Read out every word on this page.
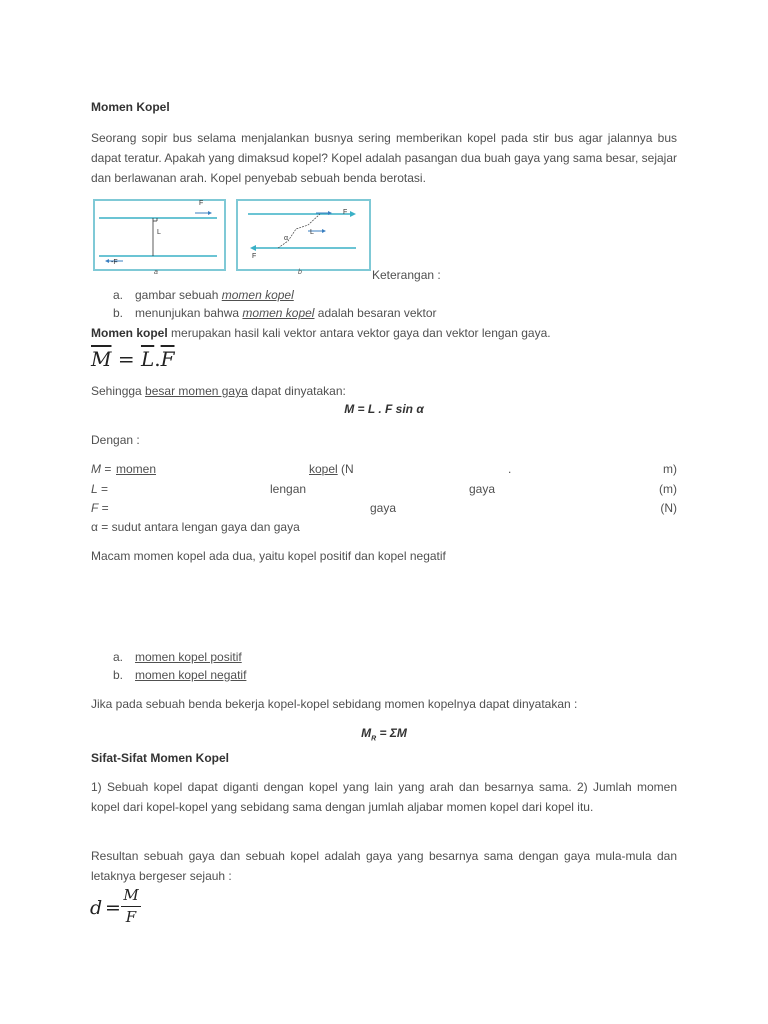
Momen Kopel
Seorang sopir bus selama menjalankan busnya sering memberikan kopel pada stir bus agar jalannya bus dapat teratur. Apakah yang dimaksud kopel? Kopel adalah pasangan dua buah gaya yang sama besar, sejajar dan berlawanan arah. Kopel penyebab sebuah benda berotasi.
F
L
-F
a
F
L
α
F
b	Keterangan :
a. gambar sebuah momen kopel
b. menunjukan bahwa momen kopel adalah besaran vektor
Momen kopel merupakan hasil kali vektor antara vektor gaya dan vektor lengan gaya.
$\overline{M} = \overline{L}.\overline{F}$
Sehingga besar momen gaya dapat dinyatakan:
M = L . F sin α
Dengan :
M = momen	kopel (N	.	m)
L =	lengan	gaya	(m)
F =	gaya	(N)
α = sudut antara lengan gaya dan gaya
Macam momen kopel ada dua, yaitu kopel positif dan kopel negatif
a. momen kopel positif
b. momen kopel negatif
Jika pada sebuah benda bekerja kopel-kopel sebidang momen kopelnya dapat dinyatakan :
$M_R = \Sigma M$
Sifat-Sifat Momen Kopel
1) Sebuah kopel dapat diganti dengan kopel yang lain yang arah dan besarnya sama. 2) Jumlah momen kopel dari kopel-kopel yang sebidang sama dengan jumlah aljabar momen kopel dari kopel itu.
Resultan sebuah gaya dan sebuah kopel adalah gaya yang besarnya sama dengan gaya mula-mula dan letaknya bergeser sejauh :
d =
M
F
